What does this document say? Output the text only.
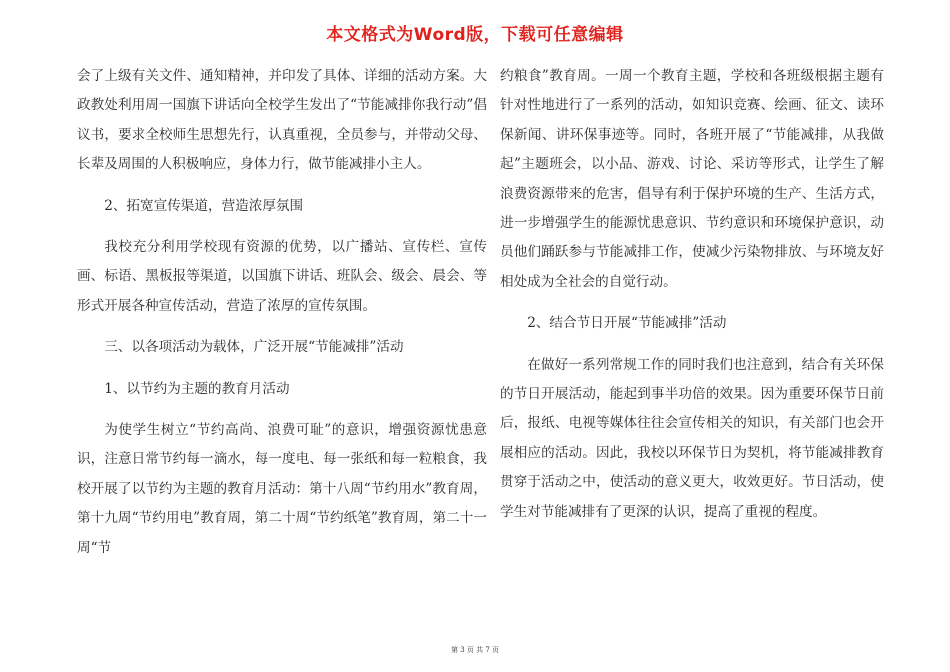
本文格式为Word版，下载可任意编辑

会了上级有关文件、通知精神，并印发了具体、详细的活动方案。大政教处利用周一国旗下讲话向全校学生发出了“节能减排你我行动”倡议书，要求全校师生思想先行，认真重视，全员参与，并带动父母、长辈及周围的人积极响应，身体力行，做节能减排小主人。

2、拓宽宣传渠道，营造浓厚氛围

我校充分利用学校现有资源的优势，以广播站、宣传栏、宣传画、标语、黑板报等渠道，以国旗下讲话、班队会、级会、晨会、等形式开展各种宣传活动，营造了浓厚的宣传氛围。

三、以各项活动为载体，广泛开展“节能减排”活动

1、以节约为主题的教育月活动

为使学生树立“节约高尚、浪费可耻”的意识，增强资源忧患意识，注意日常节约每一滴水，每一度电、每一张纸和每一粒粮食，我校开展了以节约为主题的教育月活动：第十八周“节约用水”教育周，第十九周“节约用电”教育周，第二十周“节约纸笔”教育周，第二十一周“节

约粮食”教育周。一周一个教育主题，学校和各班级根据主题有针对性地进行了一系列的活动，如知识竞赛、绘画、征文、读环保新闻、讲环保事迹等。同时，各班开展了“节能减排，从我做起”主题班会，以小品、游戏、讨论、采访等形式，让学生了解浪费资源带来的危害，倡导有利于保护环境的生产、生活方式，进一步增强学生的能源忧患意识、节约意识和环境保护意识，动员他们踊跃参与节能减排工作，使减少污染物排放、与环境友好相处成为全社会的自觉行动。

2、结合节日开展“节能减排”活动

在做好一系列常规工作的同时我们也注意到，结合有关环保的节日开展活动，能起到事半功倍的效果。因为重要环保节日前后，报纸、电视等媒体往往会宣传相关的知识，有关部门也会开展相应的活动。因此，我校以环保节日为契机，将节能减排教育贯穿于活动之中，使活动的意义更大，收效更好。节日活动，使学生对节能减排有了更深的认识，提高了重视的程度。

第 3 页 共 7 页
